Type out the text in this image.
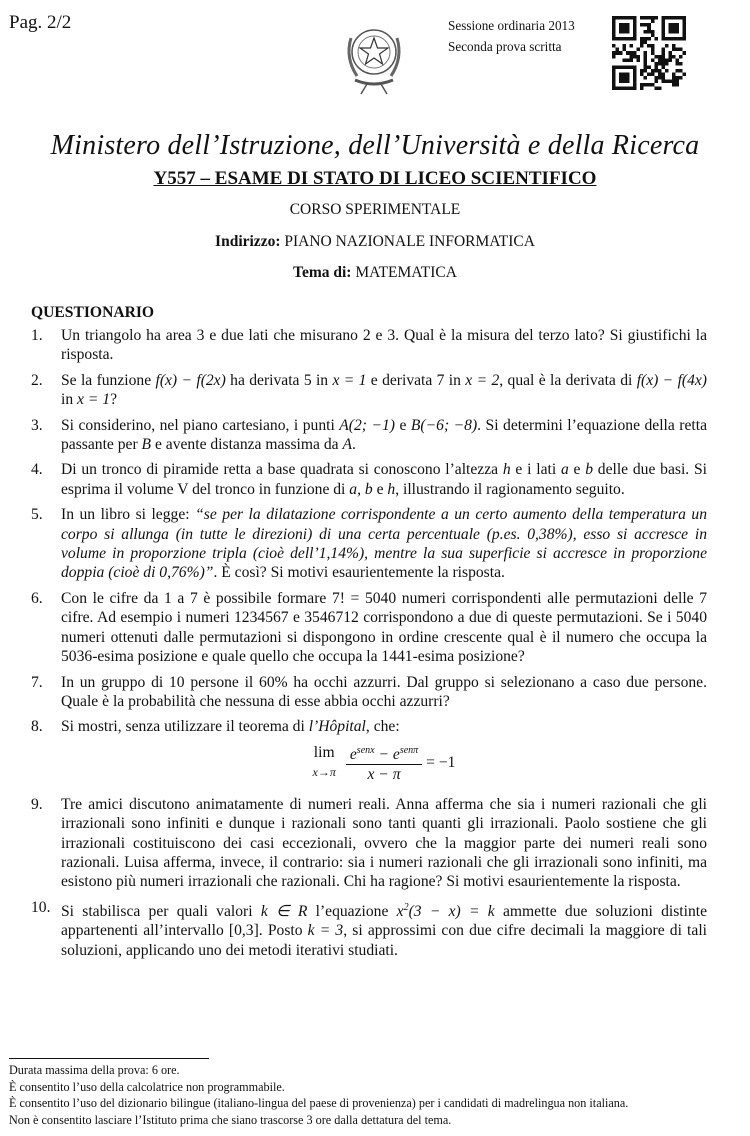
Pag. 2/2	Sessione ordinaria 2013
Seconda prova scritta
Ministero dell’Istruzione, dell’Università e della Ricerca
Y557 – ESAME DI STATO DI LICEO SCIENTIFICO
CORSO SPERIMENTALE
Indirizzo: PIANO NAZIONALE INFORMATICA
Tema di: MATEMATICA
QUESTIONARIO
1.	Un triangolo ha area 3 e due lati che misurano 2 e 3. Qual è la misura del terzo lato? Si giustifichi la risposta.
2.	Se la funzione f(x) − f(2x) ha derivata 5 in x = 1 e derivata 7 in x = 2, qual è la derivata di f(x) − f(4x) in x = 1?
3.	Si considerino, nel piano cartesiano, i punti A(2; −1) e B(−6; −8). Si determini l’equazione della retta passante per B e avente distanza massima da A.
4.	Di un tronco di piramide retta a base quadrata si conoscono l’altezza h e i lati a e b delle due basi. Si esprima il volume V del tronco in funzione di a, b e h, illustrando il ragionamento seguito.
5.	In un libro si legge: “se per la dilatazione corrispondente a un certo aumento della temperatura un corpo si allunga (in tutte le direzioni) di una certa percentuale (p.es. 0,38%), esso si accresce in volume in proporzione tripla (cioè dell’1,14%), mentre la sua superficie si accresce in proporzione doppia (cioè di 0,76%)”. È così? Si motivi esaurientemente la risposta.
6.	Con le cifre da 1 a 7 è possibile formare 7! = 5040 numeri corrispondenti alle permutazioni delle 7 cifre. Ad esempio i numeri 1234567 e 3546712 corrispondono a due di queste permutazioni. Se i 5040 numeri ottenuti dalle permutazioni si dispongono in ordine crescente qual è il numero che occupa la 5036-esima posizione e quale quello che occupa la 1441-esima posizione?
7.	In un gruppo di 10 persone il 60% ha occhi azzurri. Dal gruppo si selezionano a caso due persone. Quale è la probabilità che nessuna di esse abbia occhi azzurri?
8.	Si mostri, senza utilizzare il teorema di l’Hôpital, che:
lim
$x\to\pi \frac{e^{senx} - e^{sen\pi}}{x - \pi} = -1$
9.	Tre amici discutono animatamente di numeri reali. Anna afferma che sia i numeri razionali che gli irrazionali sono infiniti e dunque i razionali sono tanti quanti gli irrazionali. Paolo sostiene che gli irrazionali costituiscono dei casi eccezionali, ovvero che la maggior parte dei numeri reali sono razionali. Luisa afferma, invece, il contrario: sia i numeri razionali che gli irrazionali sono infiniti, ma esistono più numeri irrazionali che razionali. Chi ha ragione? Si motivi esaurientemente la risposta.
10. Si stabilisca per quali valori k ∈ R l’equazione $x^2(3 - x) = k$ ammette due soluzioni distinte appartenenti all’intervallo [0,3]. Posto k = 3, si approssimi con due cifre decimali la maggiore di tali soluzioni, applicando uno dei metodi iterativi studiati.
Durata massima della prova: 6 ore.
È consentito l’uso della calcolatrice non programmabile.
È consentito l’uso del dizionario bilingue (italiano-lingua del paese di provenienza) per i candidati di madrelingua non italiana.
Non è consentito lasciare l’Istituto prima che siano trascorse 3 ore dalla dettatura del tema.
